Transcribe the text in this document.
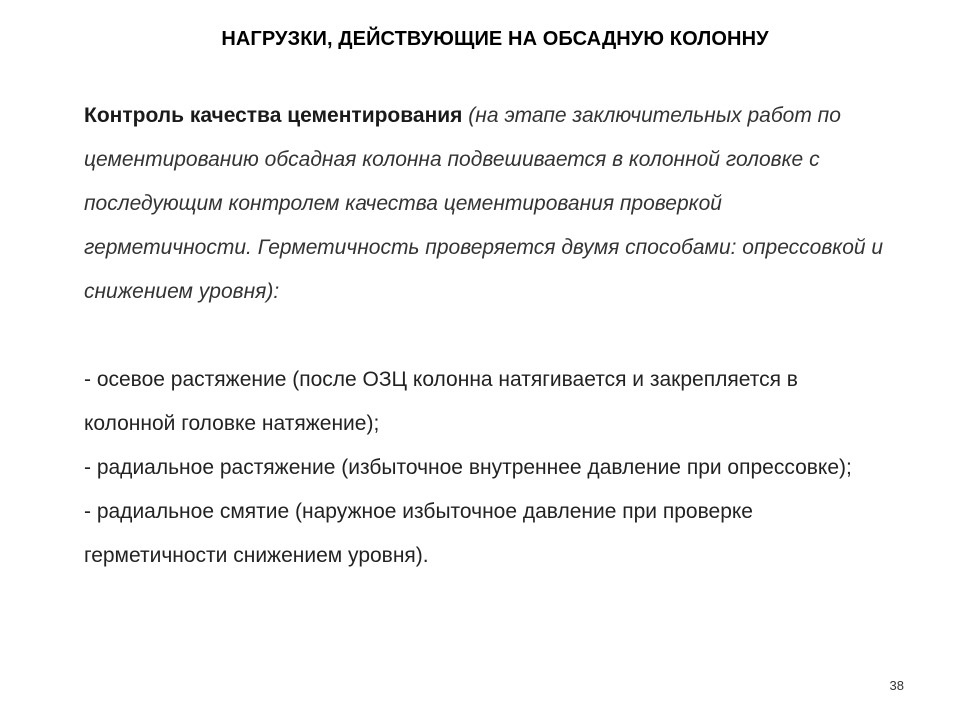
НАГРУЗКИ, ДЕЙСТВУЮЩИЕ НА ОБСАДНУЮ КОЛОННУ

Контроль качества цементирования (на этапе заключительных работ по цементированию обсадная колонна подвешивается в колонной головке с последующим контролем качества цементирования проверкой герметичности. Герметичность проверяется двумя способами: опрессовкой и снижением уровня):

- осевое растяжение (после ОЗЦ колонна натягивается и закрепляется в колонной головке натяжение);

- радиальное растяжение (избыточное внутреннее давление при опрессовке);

- радиальное смятие (наружное избыточное давление при проверке герметичности снижением уровня).

38
